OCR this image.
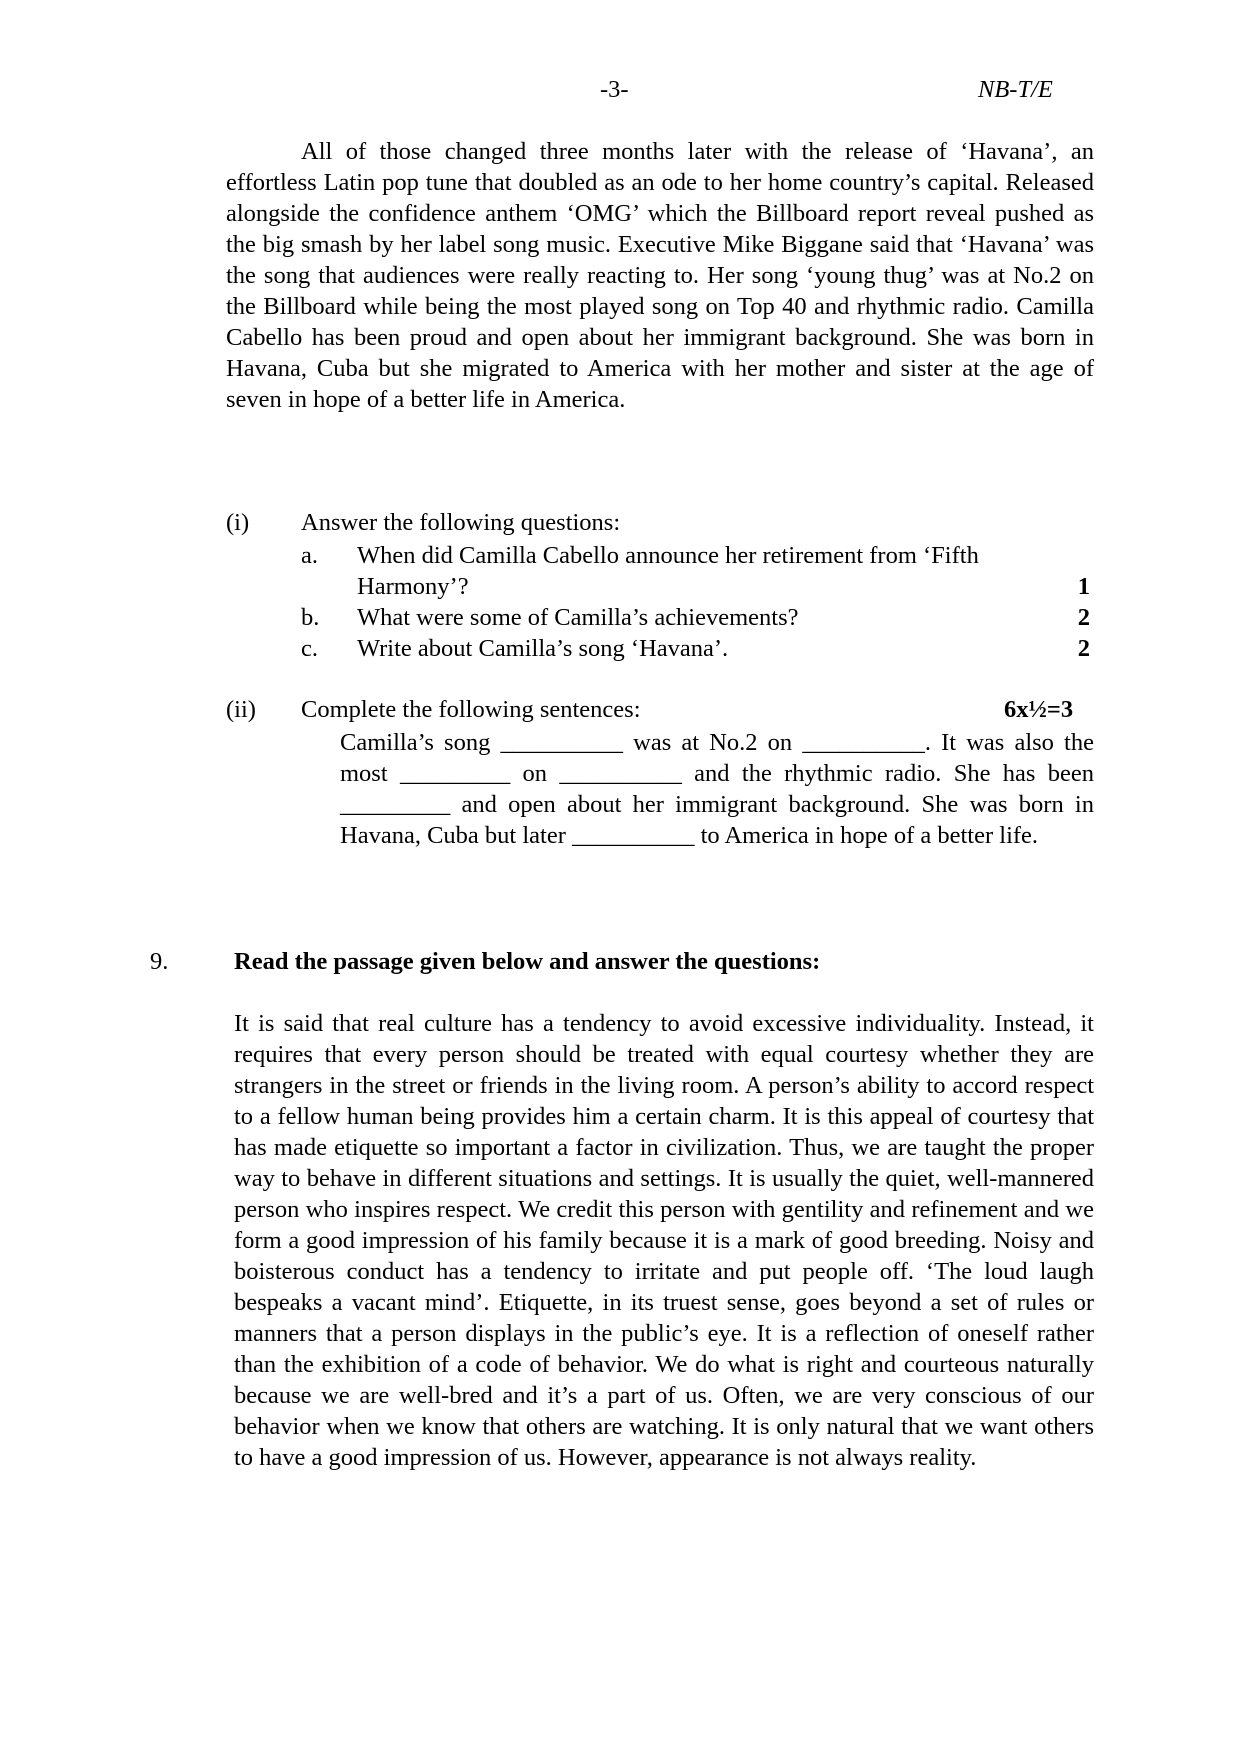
-3-	NB-T/E

All of those changed three months later with the release of ‘Havana’, an effortless Latin pop tune that doubled as an ode to her home country’s capital. Released alongside the confidence anthem ‘OMG’ which the Billboard report reveal pushed as the big smash by her label song music. Executive Mike Biggane said that ‘Havana’ was the song that audiences were really reacting to. Her song ‘young thug’ was at No.2 on the Billboard while being the most played song on Top 40 and rhythmic radio. Camilla Cabello has been proud and open about her immigrant background. She was born in Havana, Cuba but she migrated to America with her mother and sister at the age of seven in hope of a better life in America.

(i) Answer the following questions:
a. When did Camilla Cabello announce her retirement from ‘Fifth
Harmony’?	1
b. What were some of Camilla’s achievements?	2
c. Write about Camilla’s song ‘Havana’.	2
(ii) Complete the following sentences:	6x½=3

Camilla’s song __________ was at No.2 on __________. It was also the most _________ on __________ and the rhythmic radio. She has been _________ and open about her immigrant background. She was born in Havana, Cuba but later __________ to America in hope of a better life.

9.	Read the passage given below and answer the questions:

It is said that real culture has a tendency to avoid excessive individuality. Instead, it requires that every person should be treated with equal courtesy whether they are strangers in the street or friends in the living room. A person’s ability to accord respect to a fellow human being provides him a certain charm. It is this appeal of courtesy that has made etiquette so important a factor in civilization. Thus, we are taught the proper way to behave in different situations and settings. It is usually the quiet, well-mannered person who inspires respect. We credit this person with gentility and refinement and we form a good impression of his family because it is a mark of good breeding. Noisy and boisterous conduct has a tendency to irritate and put people off. ‘The loud laugh bespeaks a vacant mind’. Etiquette, in its truest sense, goes beyond a set of rules or manners that a person displays in the public’s eye. It is a reflection of oneself rather than the exhibition of a code of behavior. We do what is right and courteous naturally because we are well-bred and it’s a part of us. Often, we are very conscious of our behavior when we know that others are watching. It is only natural that we want others to have a good impression of us. However, appearance is not always reality.
